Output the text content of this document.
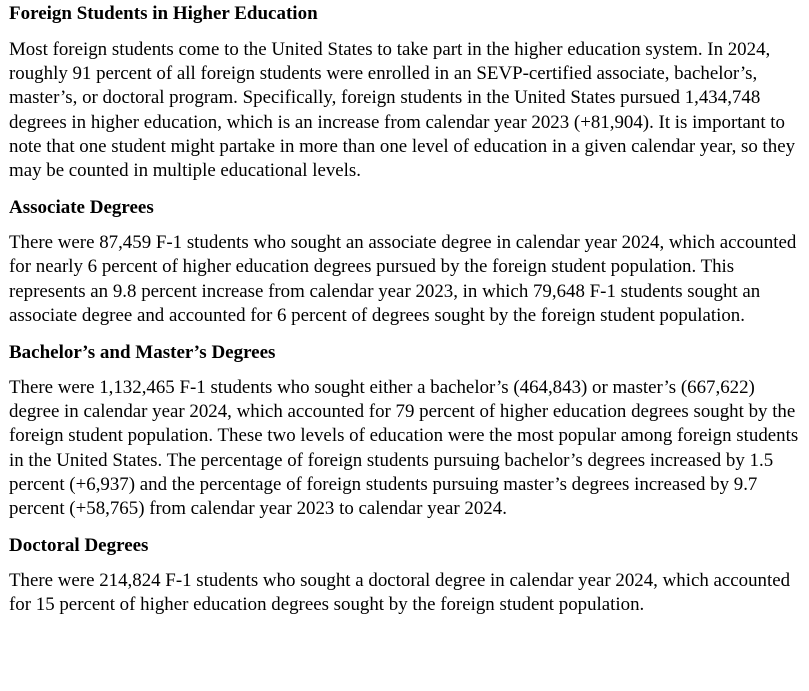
Foreign Students in Higher Education

Most foreign students come to the United States to take part in the higher education system. In 2024, roughly 91 percent of all foreign students were enrolled in an SEVP-certified associate, bachelor’s, master’s, or doctoral program. Specifically, foreign students in the United States pursued 1,434,748 degrees in higher education, which is an increase from calendar year 2023 (+81,904). It is important to note that one student might partake in more than one level of education in a given calendar year, so they may be counted in multiple educational levels.

Associate Degrees

There were 87,459 F-1 students who sought an associate degree in calendar year 2024, which accounted for nearly 6 percent of higher education degrees pursued by the foreign student population. This represents an 9.8 percent increase from calendar year 2023, in which 79,648 F-1 students sought an associate degree and accounted for 6 percent of degrees sought by the foreign student population.

Bachelor’s and Master’s Degrees

There were 1,132,465 F-1 students who sought either a bachelor’s (464,843) or master’s (667,622) degree in calendar year 2024, which accounted for 79 percent of higher education degrees sought by the foreign student population. These two levels of education were the most popular among foreign students in the United States. The percentage of foreign students pursuing bachelor’s degrees increased by 1.5 percent (+6,937) and the percentage of foreign students pursuing master’s degrees increased by 9.7 percent (+58,765) from calendar year 2023 to calendar year 2024.

Doctoral Degrees

There were 214,824 F-1 students who sought a doctoral degree in calendar year 2024, which accounted for 15 percent of higher education degrees sought by the foreign student population.
